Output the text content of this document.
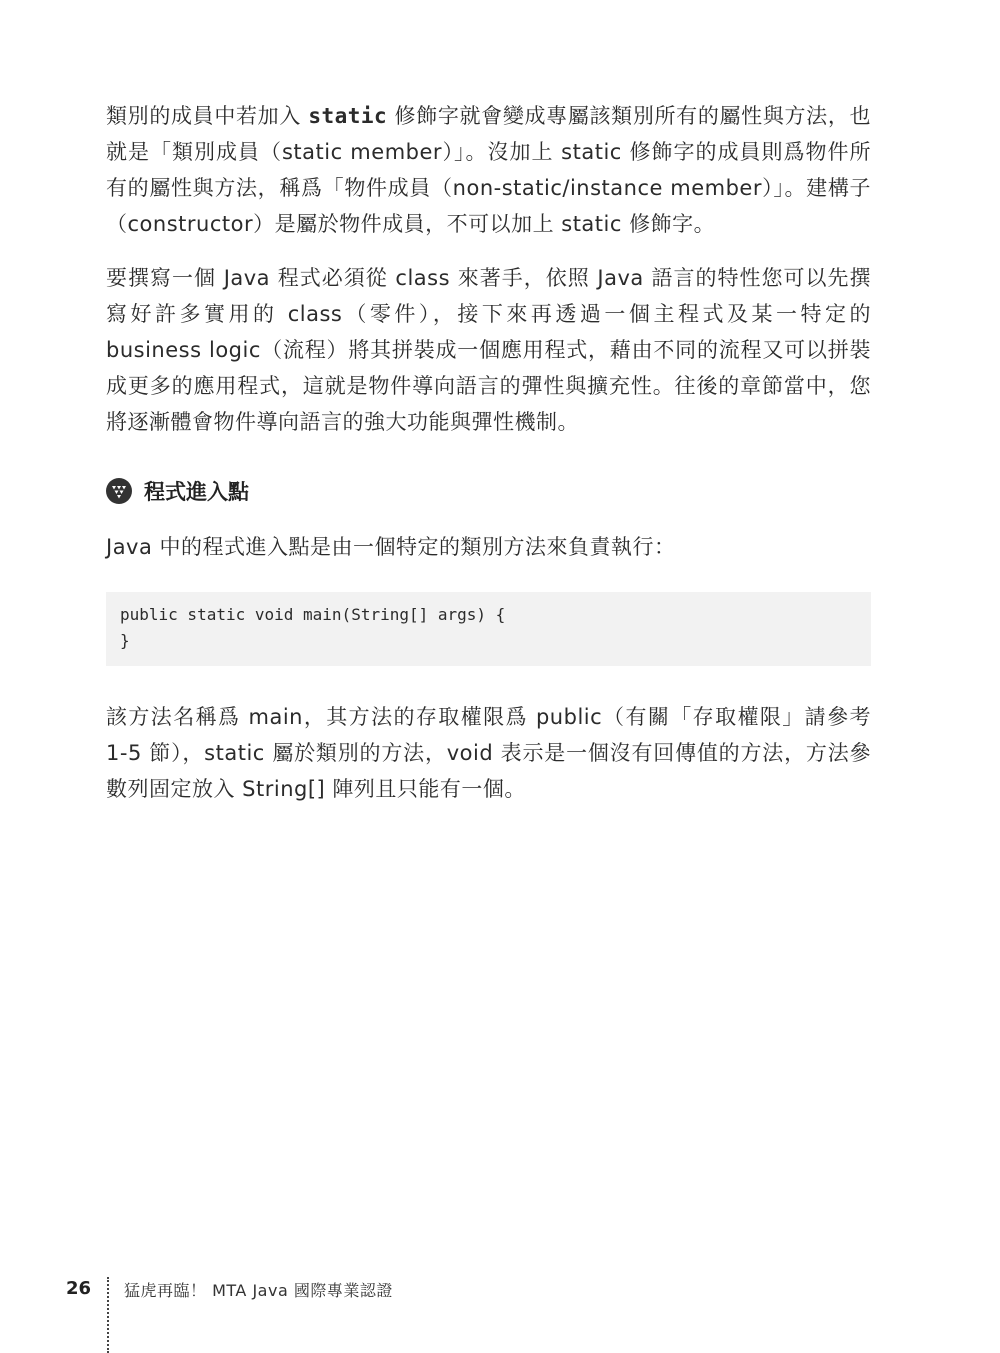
類別的成員中若加入 static 修飾字就會變成專屬該類別所有的屬性與方法，也就是「類別成員（static member）」。沒加上 static 修飾字的成員則爲物件所有的屬性與方法，稱爲「物件成員（non-static/instance member）」。建構子（constructor）是屬於物件成員，不可以加上 static 修飾字。

要撰寫一個 Java 程式必須從 class 來著手，依照 Java 語言的特性您可以先撰寫好許多實用的 class（零件），接下來再透過一個主程式及某一特定的 business logic（流程）將其拼裝成一個應用程式，藉由不同的流程又可以拼裝成更多的應用程式，這就是物件導向語言的彈性與擴充性。往後的章節當中，您將逐漸體會物件導向語言的強大功能與彈性機制。

程式進入點

Java 中的程式進入點是由一個特定的類別方法來負責執行：

public static void main(String[] args) {
}

該方法名稱爲 main，其方法的存取權限爲 public（有關「存取權限」請參考 1-5 節），static 屬於類別的方法，void 表示是一個沒有回傳值的方法，方法參數列固定放入 String[] 陣列且只能有一個。

26 猛虎再臨！ MTA Java 國際專業認證
